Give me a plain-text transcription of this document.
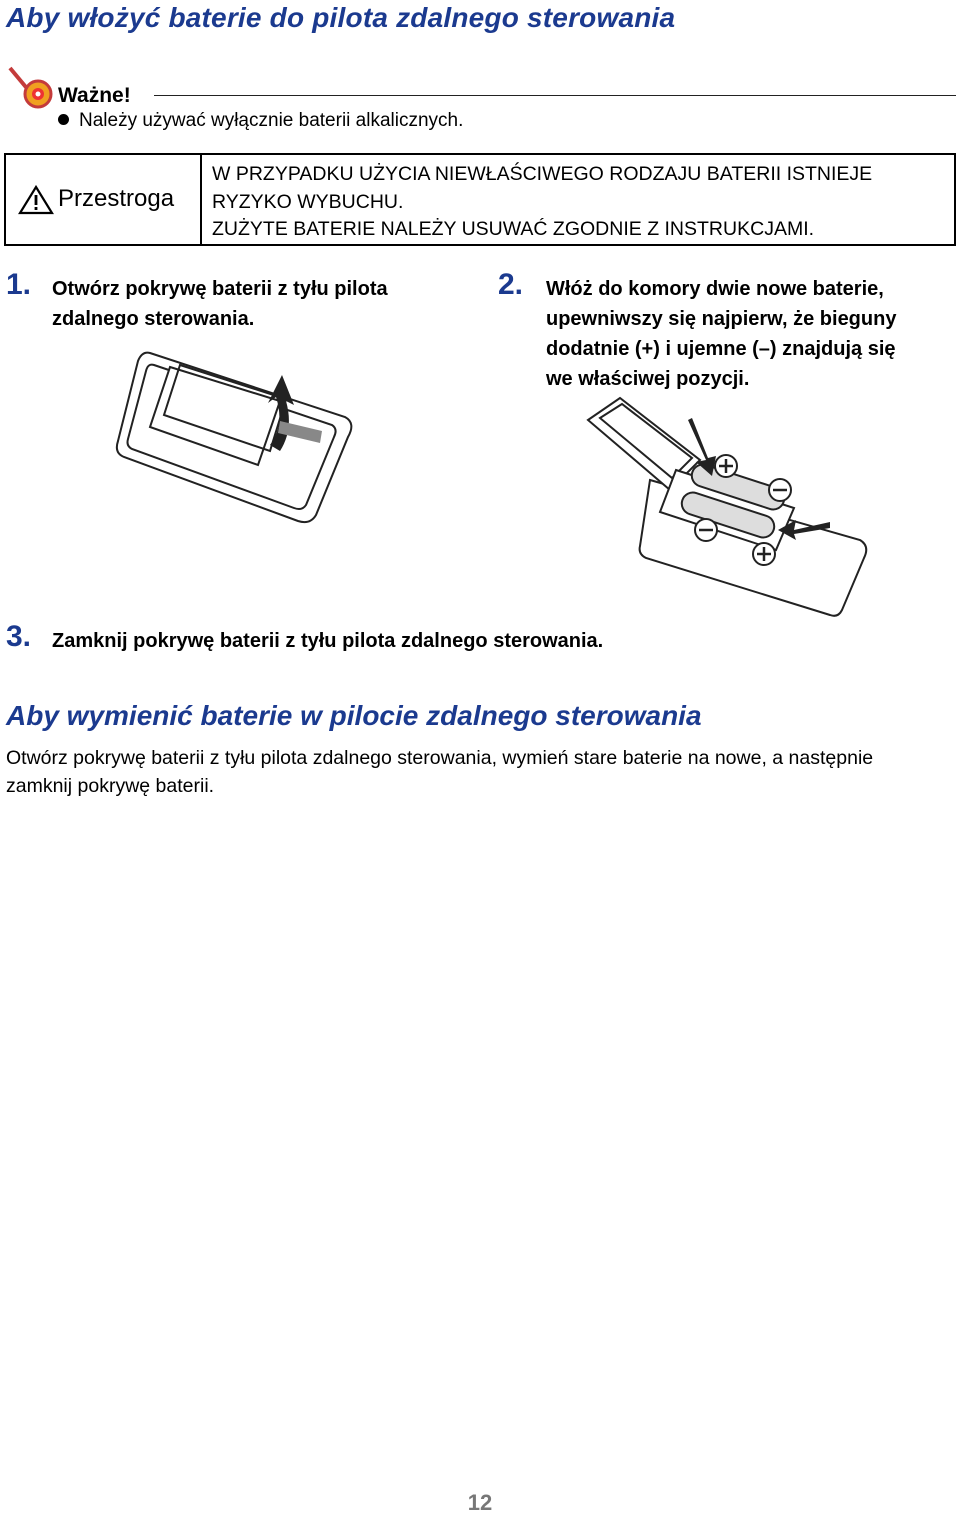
Aby włożyć baterie do pilota zdalnego sterowania
Ważne!
Należy używać wyłącznie baterii alkalicznych.
Przestroga
W PRZYPADKU UŻYCIA NIEWŁAŚCIWEGO RODZAJU BATERII ISTNIEJE
RYZYKO WYBUCHU.
ZUŻYTE BATERIE NALEŻY USUWAĆ ZGODNIE Z INSTRUKCJAMI.
1. Otwórz pokrywę baterii z tyłu pilota
zdalnego sterowania.
2. Włóż do komory dwie nowe baterie,
upewniwszy się najpierw, że bieguny
dodatnie (+) i ujemne (–) znajdują się
we właściwej pozycji.
3. Zamknij pokrywę baterii z tyłu pilota zdalnego sterowania.
Aby wymienić baterie w pilocie zdalnego sterowania
Otwórz pokrywę baterii z tyłu pilota zdalnego sterowania, wymień stare baterie na nowe, a następnie
zamknij pokrywę baterii.
12
